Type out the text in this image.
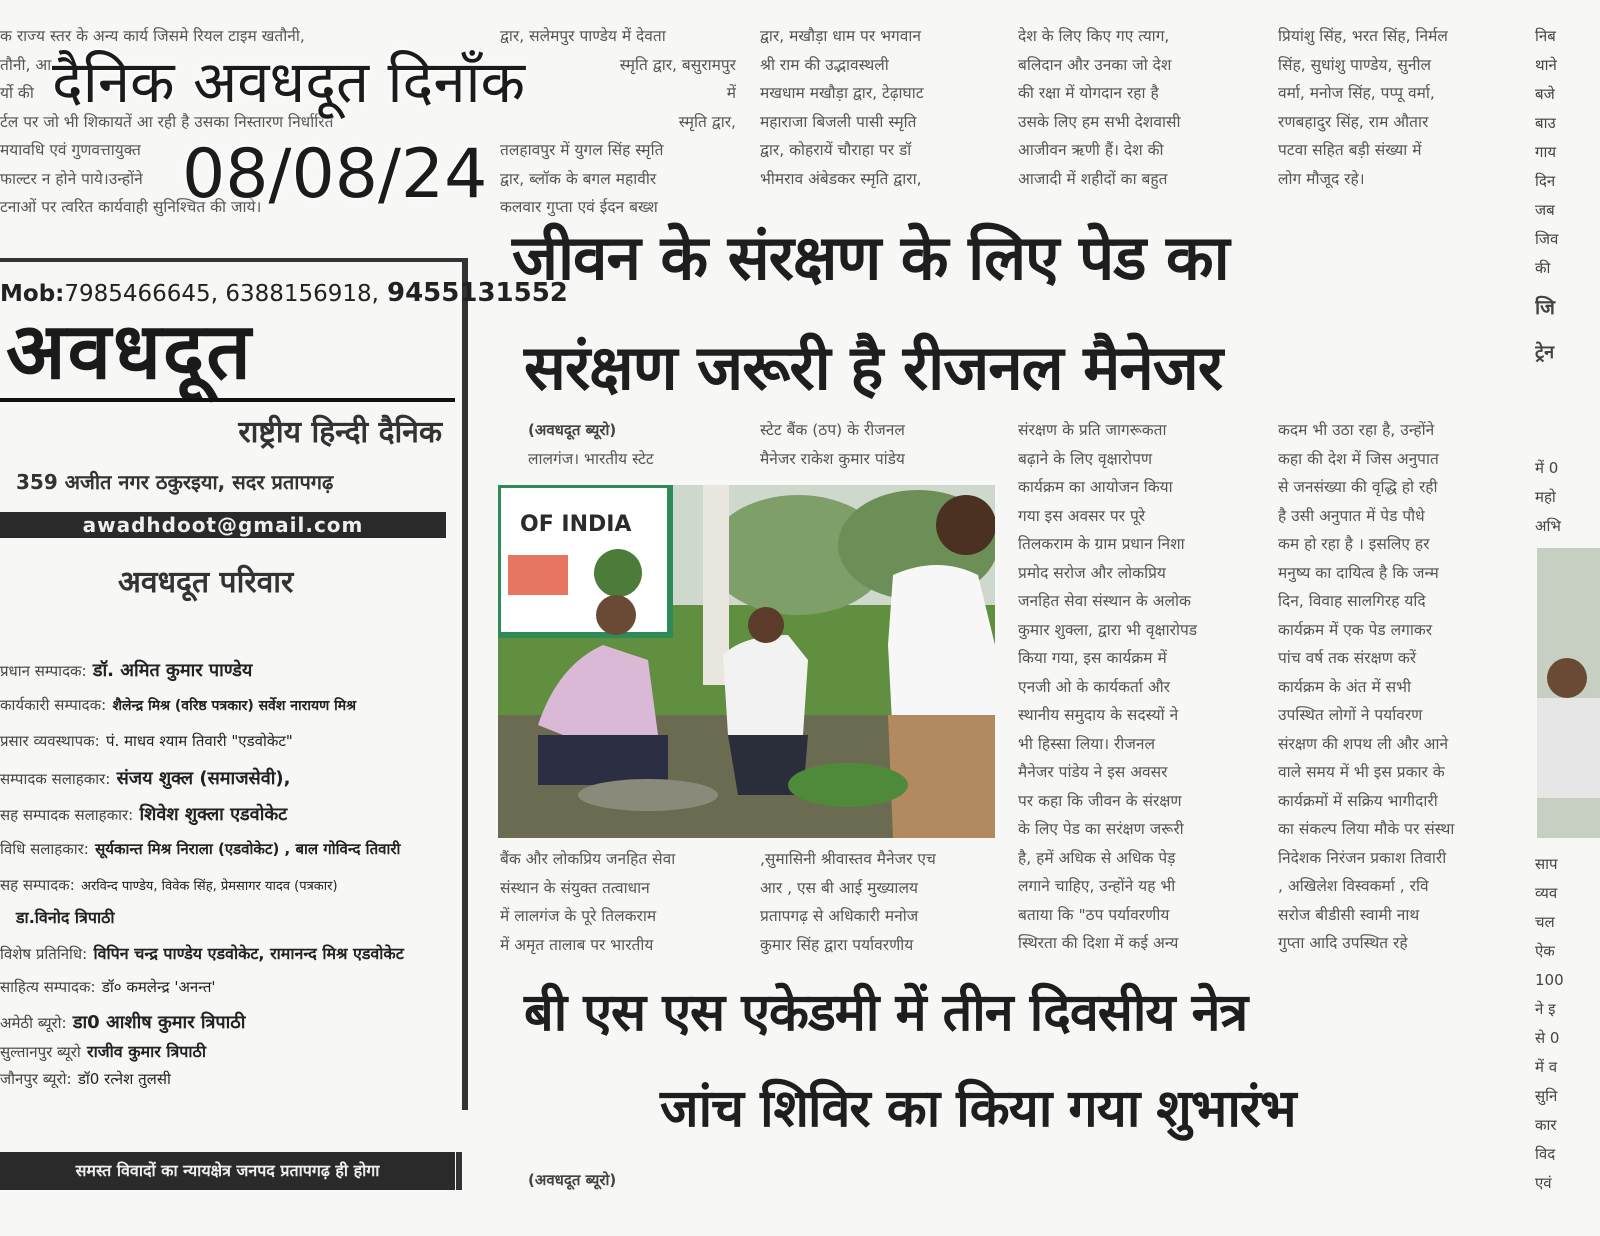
क राज्य स्तर के अन्य कार्य जिसमे रियल टाइम खतौनी,

तौनी, आ

र्यो की

र्टल पर जो भी शिकायतें आ रही है उसका निस्तारण निर्धारित

मयावधि एवं गुणवत्तायुक्त

फाल्टर न होने पाये।उन्होंने

टनाओं पर त्वरित कार्यवाही सुनिश्चित की जाये।

द्वार, सलेमपुर पाण्डेय में देवता

स्मृति द्वार, बसुरामपुर

में

स्मृति द्वार,

तलहावपुर में युगल सिंह स्मृति

द्वार, ब्लॉक के बगल महावीर

कलवार गुप्ता एवं ईदन बख्श

द्वार, मखौड़ा धाम पर भगवान

श्री राम की उद्भावस्थली

मखधाम मखौड़ा द्वार, टेढ़ाघाट

महाराजा बिजली पासी स्मृति

द्वार, कोहरायें चौराहा पर डॉ

भीमराव अंबेडकर स्मृति द्वारा,

देश के लिए किए गए त्याग,

बलिदान और उनका जो देश

की रक्षा में योगदान रहा है

उसके लिए हम सभी देशवासी

आजीवन ऋणी हैं। देश की

आजादी में शहीदों का बहुत

प्रियांशु सिंह, भरत सिंह, निर्मल

सिंह, सुधांशु पाण्डेय, सुनील

वर्मा, मनोज सिंह, पप्पू वर्मा,

रणबहादुर सिंह, राम औतार

पटवा सहित बड़ी संख्या में

लोग मौजूद रहे।

दैनिक अवधदूत दिनाँक
08/08/24
Mob:7985466645, 6388156918, 9455131552
अवधदूत
राष्ट्रीय हिन्दी दैनिक
359 अजीत नगर ठकुरइया, सदर प्रतापगढ़
awadhdoot@gmail.com
अवधदूत परिवार
प्रधान सम्पादक: डॉ. अमित कुमार पाण्डेय
कार्यकारी सम्पादक: शैलेन्द्र मिश्र (वरिष्ठ पत्रकार) सर्वेश नारायण मिश्र
प्रसार व्यवस्थापक: पं. माधव श्याम तिवारी "एडवोकेट"
सम्पादक सलाहकार: संजय शुक्ल (समाजसेवी),
सह सम्पादक सलाहकार: शिवेश शुक्ला एडवोकेट
विधि सलाहकार: सूर्यकान्त मिश्र निराला (एडवोकेट) , बाल गोविन्द तिवारी
सह सम्पादक: अरविन्द पाण्डेय, विवेक सिंह, प्रेमसागर यादव (पत्रकार)
डा.विनोद त्रिपाठी
विशेष प्रतिनिधि: विपिन चन्द्र पाण्डेय एडवोकेट, रामानन्द मिश्र एडवोकेट
साहित्य सम्पादक: डॉ० कमलेन्द्र 'अनन्त'
अमेठी ब्यूरो: डा0 आशीष कुमार त्रिपाठी
सुल्तानपुर ब्यूरो राजीव कुमार त्रिपाठी
जौनपुर ब्यूरो: डॉ0 रत्नेश तुलसी
समस्त विवादों का न्यायक्षेत्र जनपद प्रतापगढ़ ही होगा
जीवन के संरक्षण के लिए पेड का
सरंक्षण जरूरी है रीजनल मैनेजर

(अवधदूत ब्यूरो)

लालगंज। भारतीय स्टेट

स्टेट बैंक (ठप) के रीजनल

मैनेजर राकेश कुमार पांडेय

OF INDIA

संरक्षण के प्रति जागरूकता

बढ़ाने के लिए वृक्षारोपण

कार्यक्रम का आयोजन किया

गया इस अवसर पर पूरे

तिलकराम के ग्राम प्रधान निशा

प्रमोद सरोज और लोकप्रिय

जनहित सेवा संस्थान के अलोक

कुमार शुक्ला, द्वारा भी वृक्षारोपड

किया गया, इस कार्यक्रम में

एनजी ओ के कार्यकर्ता और

स्थानीय समुदाय के सदस्यों ने

भी हिस्सा लिया। रीजनल

मैनेजर पांडेय ने इस अवसर

पर कहा कि जीवन के संरक्षण

के लिए पेड का सरंक्षण जरूरी

है, हमें अधिक से अधिक पेड़

लगाने चाहिए, उन्होंने यह भी

बताया कि "ठप पर्यावरणीय

स्थिरता की दिशा में कई अन्य

कदम भी उठा रहा है, उन्होंने

कहा की देश में जिस अनुपात

से जनसंख्या की वृद्धि हो रही

है उसी अनुपात में पेड पौधे

कम हो रहा है । इसलिए हर

मनुष्य का दायित्व है कि जन्म

दिन, विवाह सालगिरह यदि

कार्यक्रम में एक पेड लगाकर

पांच वर्ष तक संरक्षण करें

कार्यक्रम के अंत में सभी

उपस्थित लोगों ने पर्यावरण

संरक्षण की शपथ ली और आने

वाले समय में भी इस प्रकार के

कार्यक्रमों में सक्रिय भागीदारी

का संकल्प लिया मौके पर संस्था

निदेशक निरंजन प्रकाश तिवारी

, अखिलेश विस्वकर्मा , रवि

सरोज बीडीसी स्वामी नाथ

गुप्ता आदि उपस्थित रहे

बैंक और लोकप्रिय जनहित सेवा

संस्थान के संयुक्त तत्वाधान

में लालगंज के पूरे तिलकराम

में अमृत तालाब पर भारतीय

,सुमासिनी श्रीवास्तव मैनेजर एच

आर , एस बी आई मुख्यालय

प्रतापगढ़ से अधिकारी मनोज

कुमार सिंह द्वारा पर्यावरणीय

बी एस एस एकेडमी में तीन दिवसीय नेत्र
जांच शिविर का किया गया शुभारंभ
(अवधदूत ब्यूरो)
निब
थाने
बजे
बाउ
गाय
दिन
जब
जिव
की
जि
ट्रेन
में 0
महो
अभि
साप
व्यव
चल
ऐक
100
ने इ
से 0
में व
सुनि
कार
विद
एवं
